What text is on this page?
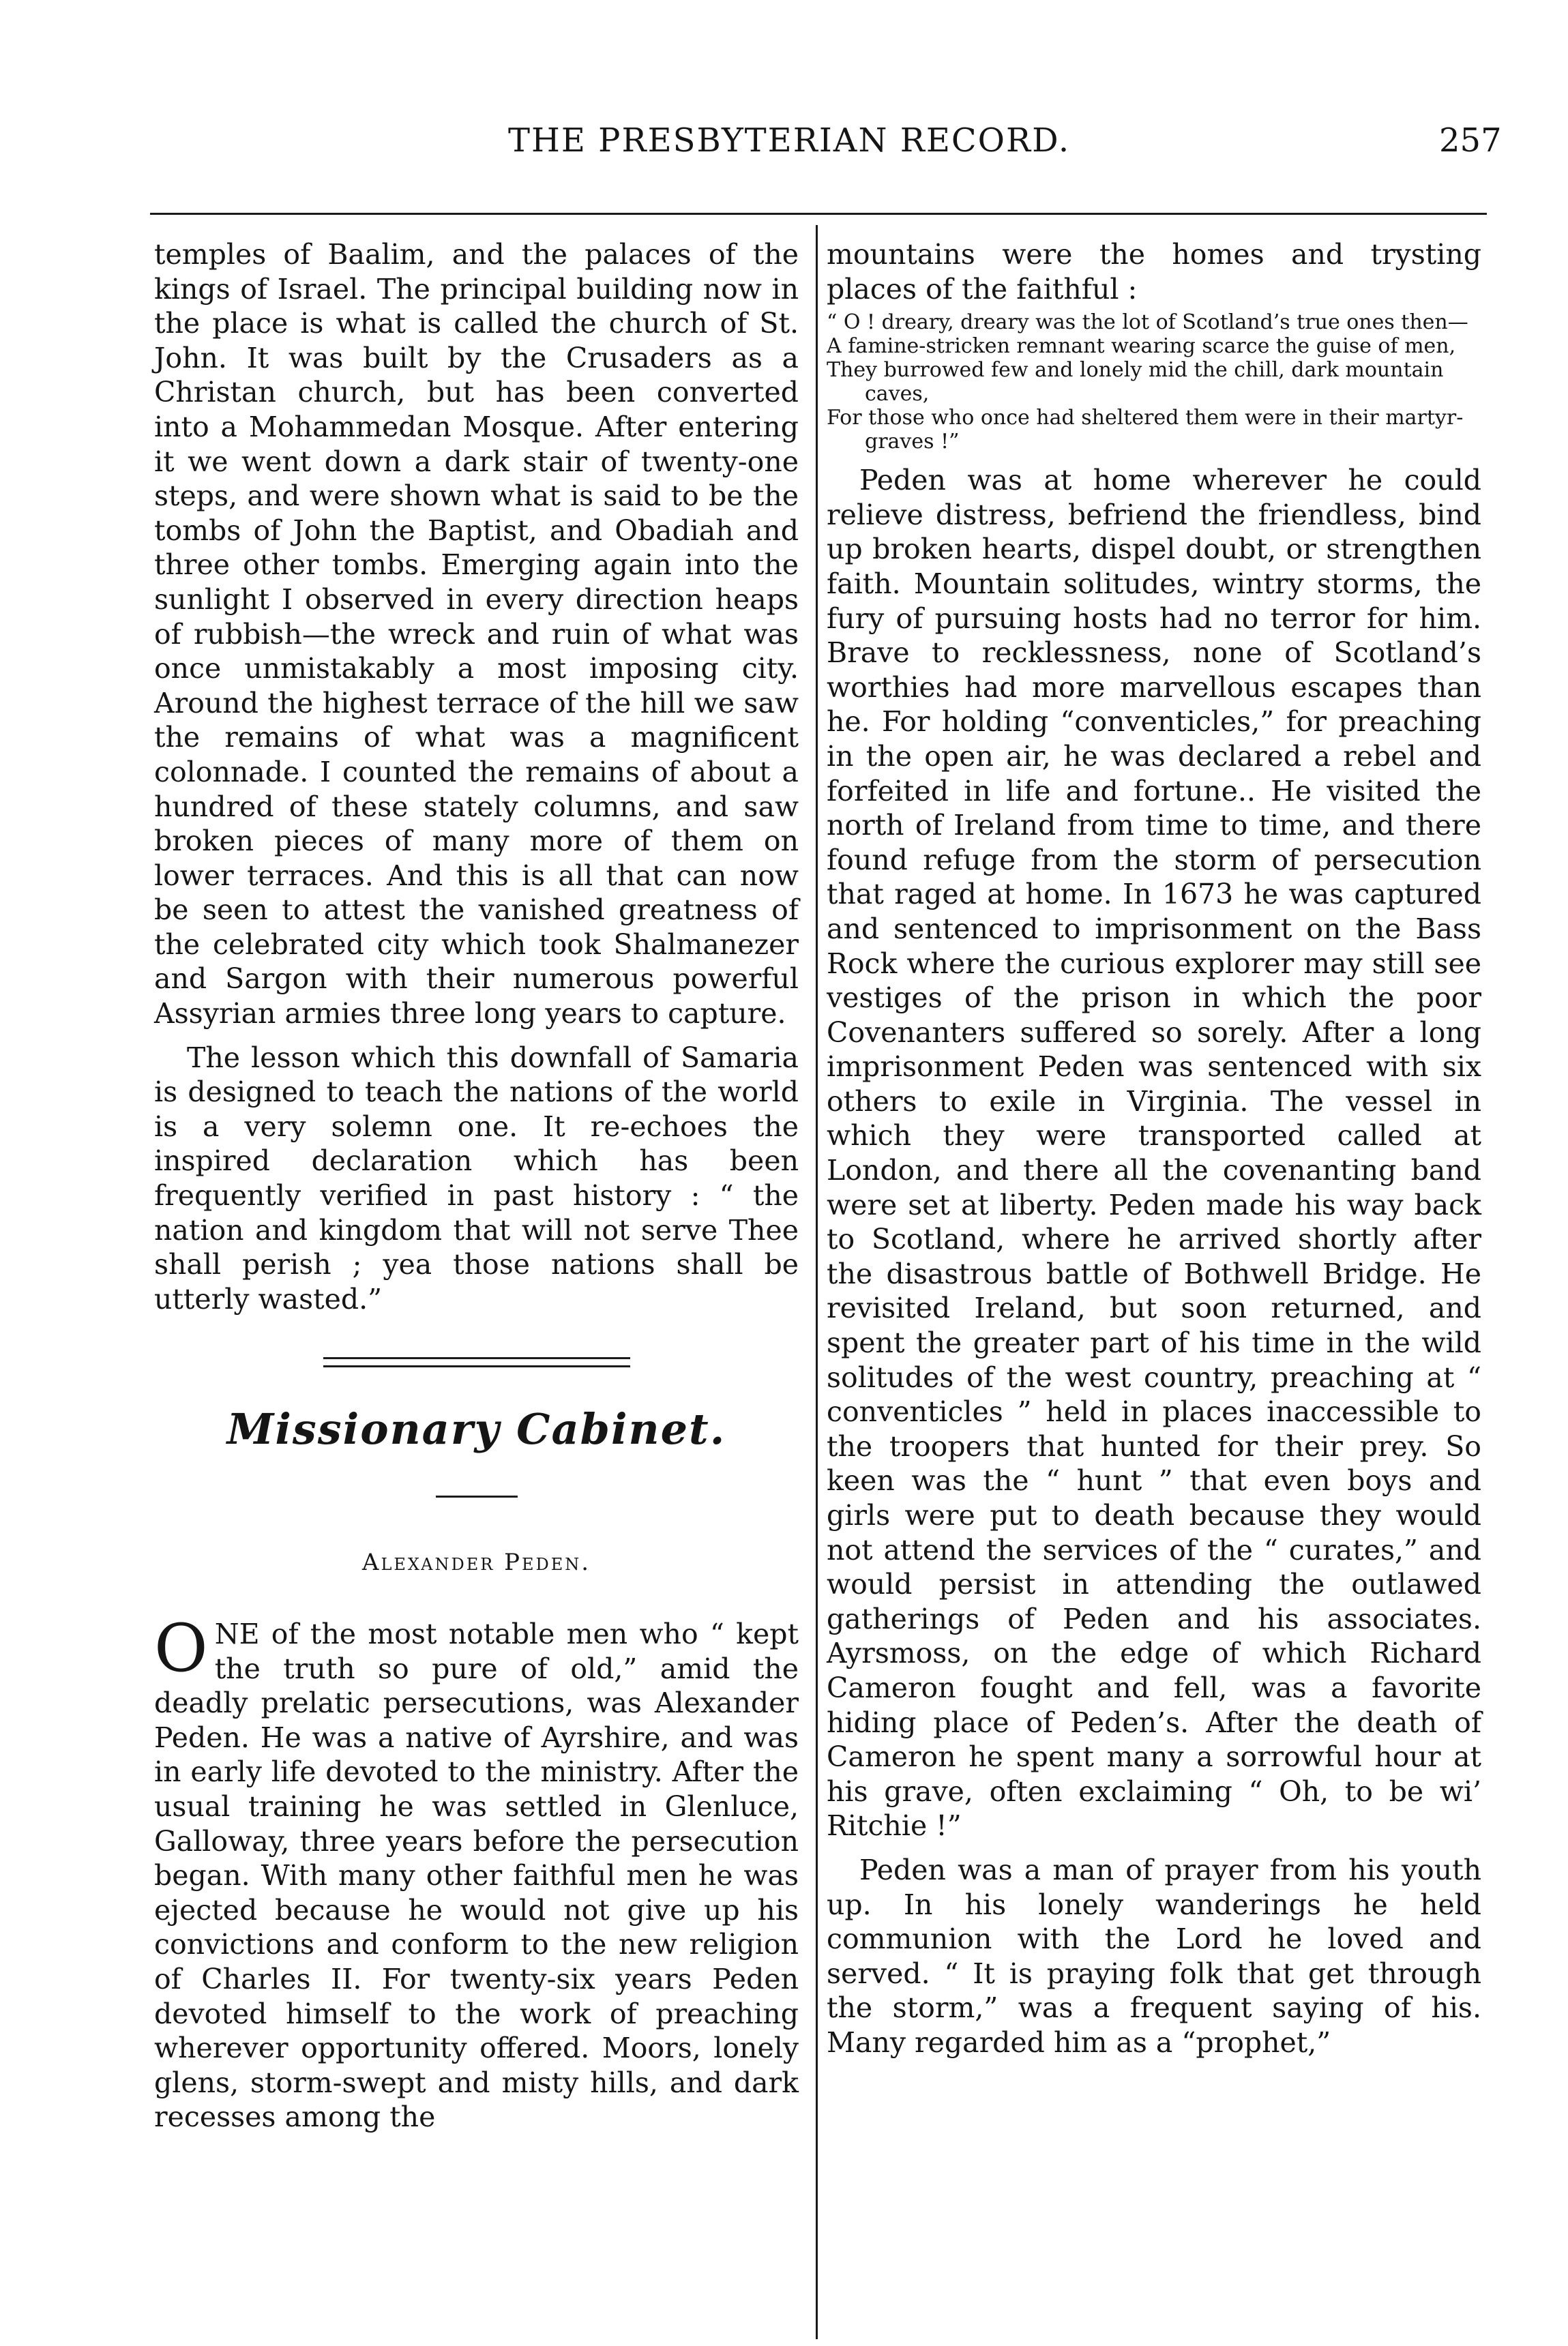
THE PRESBYTERIAN RECORD.	257

temples of Baalim, and the palaces of the kings of Israel. The principal building now in the place is what is called the church of St. John. It was built by the Crusaders as a Christan church, but has been converted into a Mohammedan Mosque. After entering it we went down a dark stair of twenty-one steps, and were shown what is said to be the tombs of John the Baptist, and Obadiah and three other tombs. Emerging again into the sunlight I observed in every direction heaps of rubbish—the wreck and ruin of what was once unmistakably a most imposing city. Around the highest terrace of the hill we saw the remains of what was a magnificent colonnade. I counted the remains of about a hundred of these stately columns, and saw broken pieces of many more of them on lower terraces. And this is all that can now be seen to attest the vanished greatness of the celebrated city which took Shalmanezer and Sargon with their numerous powerful Assyrian armies three long years to capture.

The lesson which this downfall of Samaria is designed to teach the nations of the world is a very solemn one. It re-echoes the inspired declaration which has been frequently verified in past history : “ the nation and kingdom that will not serve Thee shall perish ; yea those nations shall be utterly wasted.”

Missionary Cabinet.
Alexander Peden.

ONE of the most notable men who “ kept the truth so pure of old,” amid the deadly prelatic persecutions, was Alexander Peden. He was a native of Ayrshire, and was in early life devoted to the ministry. After the usual training he was settled in Glenluce, Galloway, three years before the persecution began. With many other faithful men he was ejected because he would not give up his convictions and conform to the new religion of Charles II. For twenty-six years Peden devoted himself to the work of preaching wherever opportunity offered. Moors, lonely glens, storm-swept and misty hills, and dark recesses among the

mountains were the homes and trysting places of the faithful :

“ O ! dreary, dreary was the lot of Scotland’s true ones then—
A famine-stricken remnant wearing scarce the guise of men,
They burrowed few and lonely mid the chill, dark mountain caves,
For those who once had sheltered them were in their martyr-graves !”

Peden was at home wherever he could relieve distress, befriend the friendless, bind up broken hearts, dispel doubt, or strengthen faith. Mountain solitudes, wintry storms, the fury of pursuing hosts had no terror for him. Brave to recklessness, none of Scotland’s worthies had more marvellous escapes than he. For holding “conventicles,” for preaching in the open air, he was declared a rebel and forfeited in life and fortune.. He visited the north of Ireland from time to time, and there found refuge from the storm of persecution that raged at home. In 1673 he was captured and sentenced to imprisonment on the Bass Rock where the curious explorer may still see vestiges of the prison in which the poor Covenanters suffered so sorely. After a long imprisonment Peden was sentenced with six others to exile in Virginia. The vessel in which they were transported called at London, and there all the covenanting band were set at liberty. Peden made his way back to Scotland, where he arrived shortly after the disastrous battle of Bothwell Bridge. He revisited Ireland, but soon returned, and spent the greater part of his time in the wild solitudes of the west country, preaching at “ conventicles ” held in places inaccessible to the troopers that hunted for their prey. So keen was the “ hunt ” that even boys and girls were put to death because they would not attend the services of the “ curates,” and would persist in attending the outlawed gatherings of Peden and his associates. Ayrsmoss, on the edge of which Richard Cameron fought and fell, was a favorite hiding place of Peden’s. After the death of Cameron he spent many a sorrowful hour at his grave, often exclaiming “ Oh, to be wi’ Ritchie !”

Peden was a man of prayer from his youth up. In his lonely wanderings he held communion with the Lord he loved and served. “ It is praying folk that get through the storm,” was a frequent saying of his. Many regarded him as a “prophet,”
